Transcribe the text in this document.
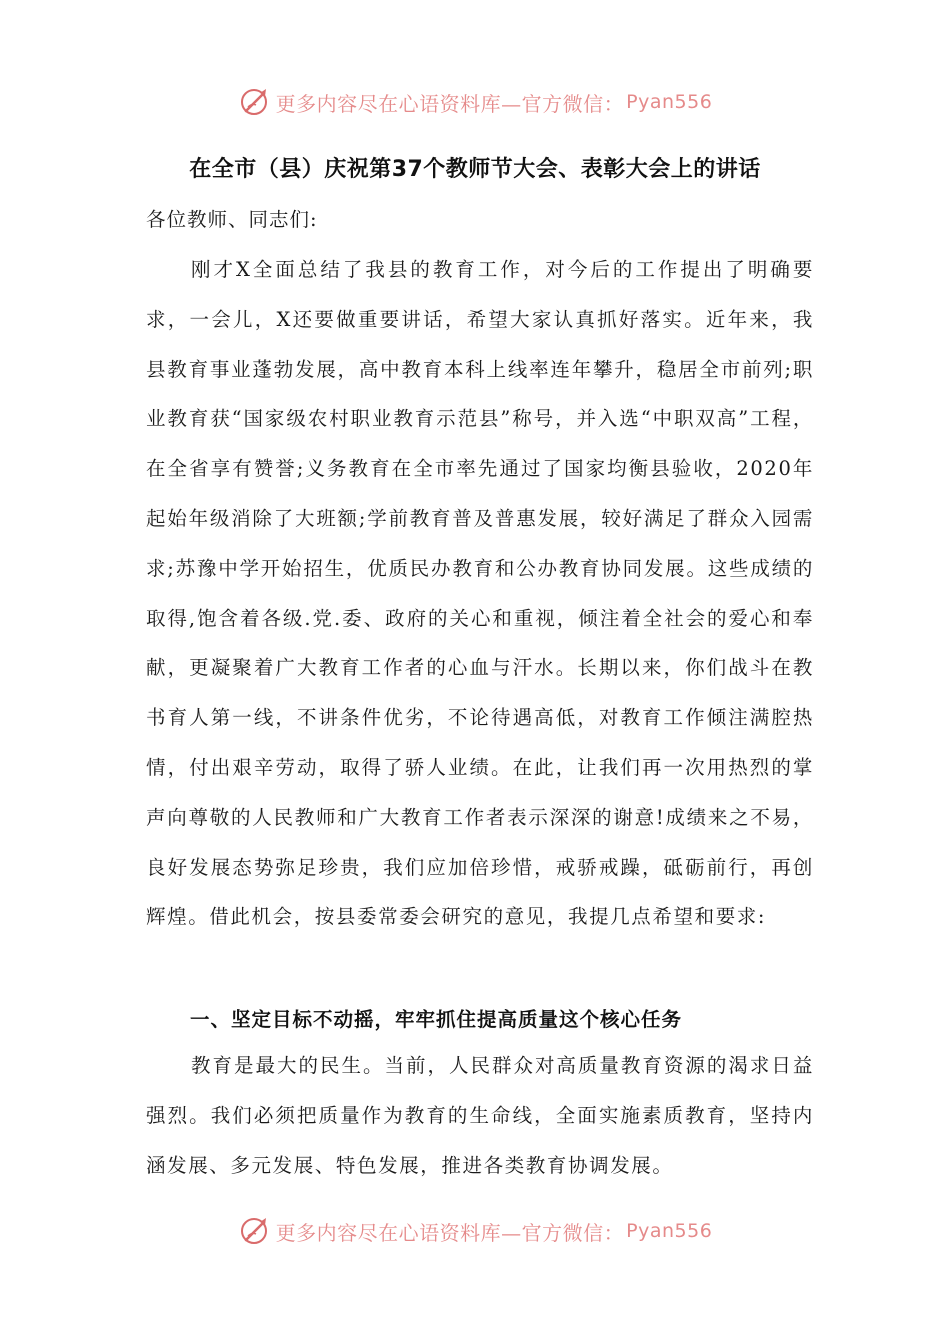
更多内容尽在心语资料库—官方微信： Pyan556
在全市（县）庆祝第37个教师节大会、表彰大会上的讲话
各位教师、同志们:

刚才X全面总结了我县的教育工作，对今后的工作提出了明确要求，一会儿，X还要做重要讲话，希望大家认真抓好落实。近年来，我县教育事业蓬勃发展，高中教育本科上线率连年攀升，稳居全市前列;职业教育获“国家级农村职业教育示范县”称号，并入选“中职双高”工程，在全省享有赞誉;义务教育在全市率先通过了国家均衡县验收，2020年起始年级消除了大班额;学前教育普及普惠发展，较好满足了群众入园需求;苏豫中学开始招生，优质民办教育和公办教育协同发展。这些成绩的取得,饱含着各级.党.委、政府的关心和重视，倾注着全社会的爱心和奉献，更凝聚着广大教育工作者的心血与汗水。长期以来，你们战斗在教书育人第一线，不讲条件优劣，不论待遇高低，对教育工作倾注满腔热情，付出艰辛劳动，取得了骄人业绩。在此，让我们再一次用热烈的掌声向尊敬的人民教师和广大教育工作者表示深深的谢意!成绩来之不易，良好发展态势弥足珍贵，我们应加倍珍惜，戒骄戒躁，砥砺前行，再创辉煌。借此机会，按县委常委会研究的意见，我提几点希望和要求:

一、坚定目标不动摇，牢牢抓住提高质量这个核心任务

教育是最大的民生。当前，人民群众对高质量教育资源的渴求日益强烈。我们必须把质量作为教育的生命线，全面实施素质教育，坚持内涵发展、多元发展、特色发展，推进各类教育协调发展。

更多内容尽在心语资料库—官方微信： Pyan556
